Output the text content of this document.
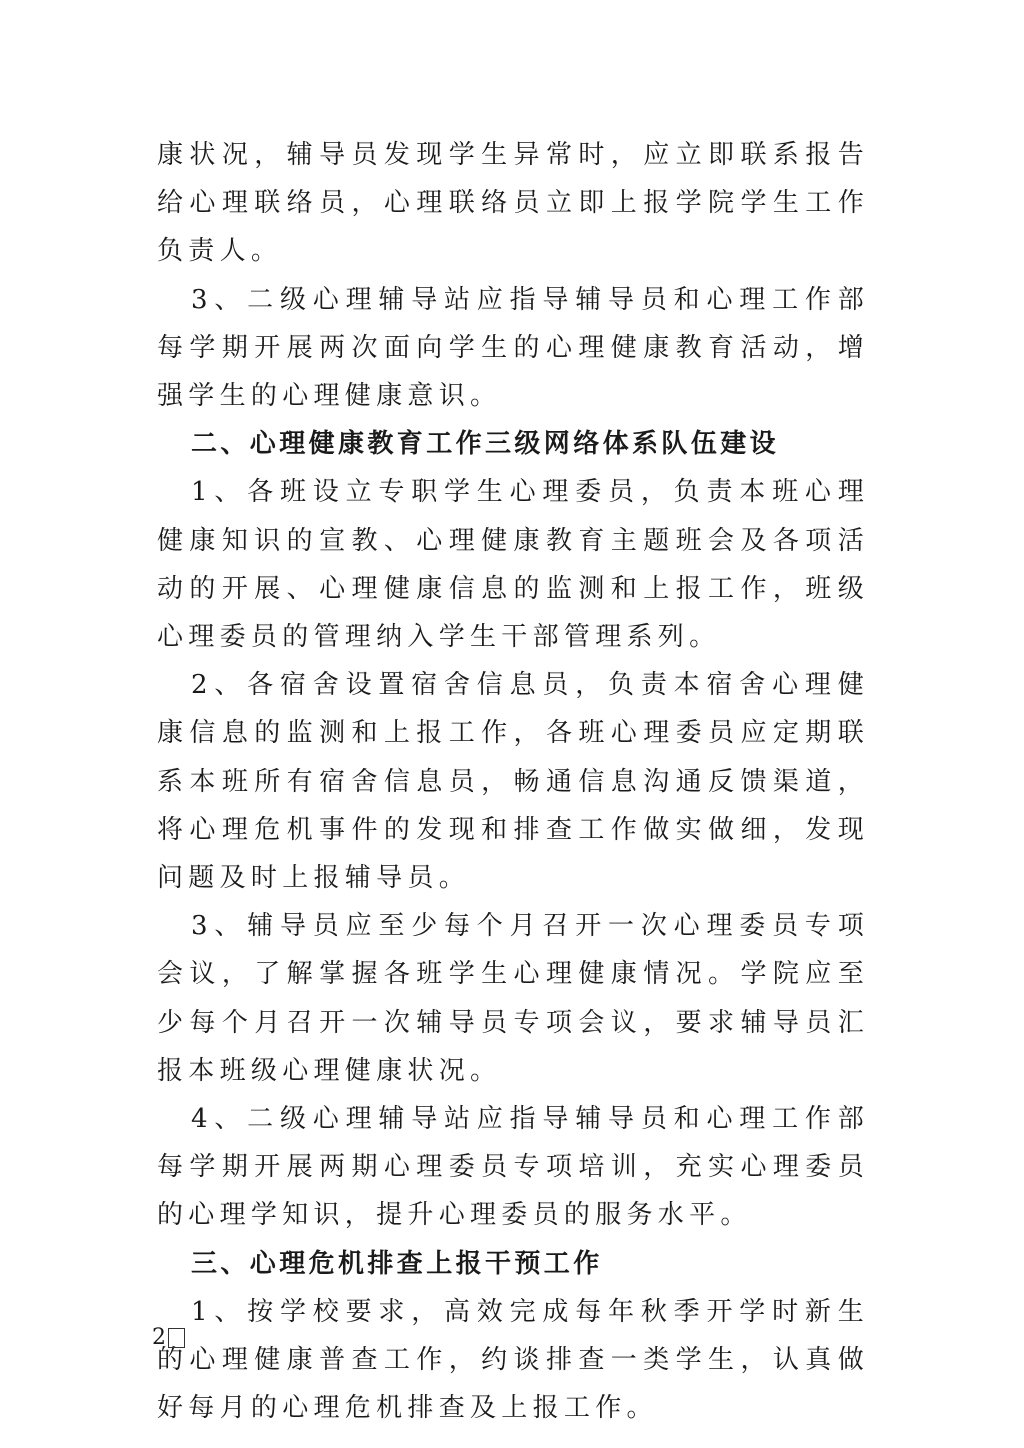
康状况，辅导员发现学生异常时，应立即联系报告给心理联络员，心理联络员立即上报学院学生工作负责人。

3、二级心理辅导站应指导辅导员和心理工作部每学期开展两次面向学生的心理健康教育活动，增强学生的心理健康意识。

二、心理健康教育工作三级网络体系队伍建设

1、各班设立专职学生心理委员，负责本班心理健康知识的宣教、心理健康教育主题班会及各项活动的开展、心理健康信息的监测和上报工作，班级心理委员的管理纳入学生干部管理系列。

2、各宿舍设置宿舍信息员，负责本宿舍心理健康信息的监测和上报工作，各班心理委员应定期联系本班所有宿舍信息员，畅通信息沟通反馈渠道，将心理危机事件的发现和排查工作做实做细，发现问题及时上报辅导员。

3、辅导员应至少每个月召开一次心理委员专项会议，了解掌握各班学生心理健康情况。学院应至少每个月召开一次辅导员专项会议，要求辅导员汇报本班级心理健康状况。

4、二级心理辅导站应指导辅导员和心理工作部每学期开展两期心理委员专项培训，充实心理委员的心理学知识，提升心理委员的服务水平。

三、心理危机排查上报干预工作

1、按学校要求，高效完成每年秋季开学时新生的心理健康普查工作，约谈排查一类学生，认真做好每月的心理危机排查及上报工作。

2
